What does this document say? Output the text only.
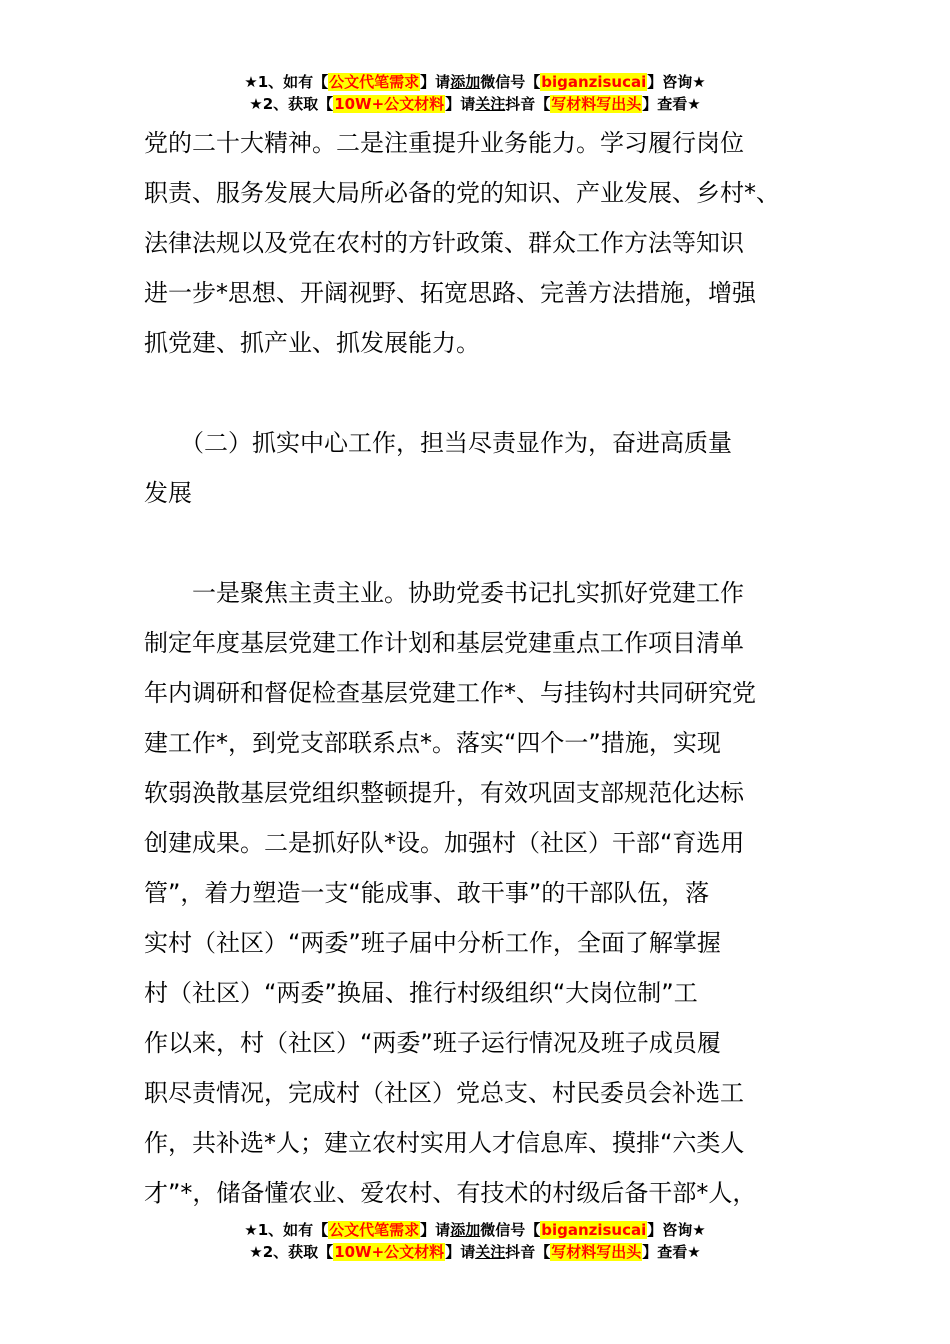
★1、如有【公文代笔需求】请添加微信号【biganzisucai】咨询★
★2、获取【10W+公文材料】请关注抖音【写材料写出头】查看★
党的二十大精神。二是注重提升业务能力。学习履行岗位
职责、服务发展大局所必备的党的知识、产业发展、乡村*、
法律法规以及党在农村的方针政策、群众工作方法等知识
进一步*思想、开阔视野、拓宽思路、完善方法措施，增强
抓党建、抓产业、抓发展能力。
　　（二）抓实中心工作，担当尽责显作为，奋进高质量
发展
　　一是聚焦主责主业。协助党委书记扎实抓好党建工作
制定年度基层党建工作计划和基层党建重点工作项目清单
年内调研和督促检查基层党建工作*、与挂钩村共同研究党
建工作*，到党支部联系点*。落实“四个一”措施，实现
软弱涣散基层党组织整顿提升，有效巩固支部规范化达标
创建成果。二是抓好队*设。加强村（社区）干部“育选用
管”，着力塑造一支“能成事、敢干事”的干部队伍，落
实村（社区）“两委”班子届中分析工作，全面了解掌握
村（社区）“两委”换届、推行村级组织“大岗位制”工
作以来，村（社区）“两委”班子运行情况及班子成员履
职尽责情况，完成村（社区）党总支、村民委员会补选工
作，共补选*人；建立农村实用人才信息库、摸排“六类人
才”*，储备懂农业、爱农村、有技术的村级后备干部*人，
★1、如有【公文代笔需求】请添加微信号【biganzisucai】咨询★
★2、获取【10W+公文材料】请关注抖音【写材料写出头】查看★
